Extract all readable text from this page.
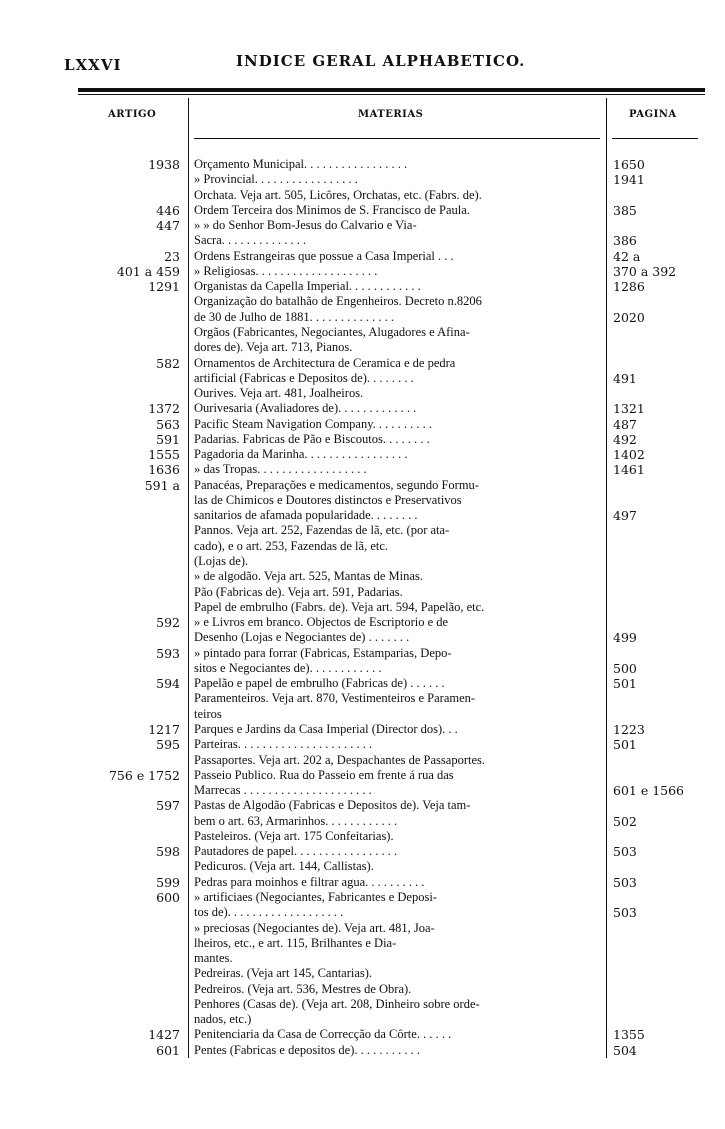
LXXVI	INDICE GERAL ALPHABETICO.
ARTIGO	MATERIAS	PAGINA
1938 Orçamento Municipal. . . . . . . . . . . . . . . . .	1650
» Provincial. . . . . . . . . . . . . . . . .	1941
Orchata. Veja art. 505, Licôres, Orchatas, etc. (Fabrs. de).
446 Ordem Terceira dos Minimos de S. Francisco de Paula.	385
447 » » do Senhor Bom-Jesus do Calvario e Via-
Sacra. . . . . . . . . . . . . .	386
23 Ordens Estrangeiras que possue a Casa Imperial . . .	42 a
401 a 459 » Religiosas. . . . . . . . . . . . . . . . . . . .	370 a 392
1291 Organistas da Capella Imperial. . . . . . . . . . . .	1286
Organização do batalhão de Engenheiros. Decreto n.8206
de 30 de Julho de 1881. . . . . . . . . . . . . .	2020
Orgãos (Fabricantes, Negociantes, Alugadores e Afina-
dores de). Veja art. 713, Pianos.
582 Ornamentos de Architectura de Ceramica e de pedra
artificial (Fabricas e Depositos de). . . . . . . .	491
Ourives. Veja art. 481, Joalheiros.
1372 Ourivesaria (Avaliadores de). . . . . . . . . . . . .	1321
563 Pacific Steam Navigation Company. . . . . . . . . .	487
591 Padarias. Fabricas de Pão e Biscoutos. . . . . . . .	492
1555 Pagadoria da Marinha. . . . . . . . . . . . . . . . .	1402
1636 » das Tropas. . . . . . . . . . . . . . . . . .	1461
591 a Panacéas, Preparações e medicamentos, segundo Formu-
las de Chimicos e Doutores distinctos e Preservativos
sanitarios de afamada popularidade. . . . . . . .	497
Pannos. Veja art. 252, Fazendas de lã, etc. (por ata-
cado), e o art. 253, Fazendas de lã, etc.
(Lojas de).
» de algodão. Veja art. 525, Mantas de Minas.
Pão (Fabricas de). Veja art. 591, Padarias.
Papel de embrulho (Fabrs. de). Veja art. 594, Papelão, etc.
592 » e Livros em branco. Objectos de Escriptorio e de
Desenho (Lojas e Negociantes de) . . . . . . .	499
593 » pintado para forrar (Fabricas, Estamparias, Depo-
sitos e Negociantes de). . . . . . . . . . . .	500
594 Papelão e papel de embrulho (Fabricas de) . . . . . .	501
Paramenteiros. Veja art. 870, Vestimenteiros e Paramen-
teiros
1217 Parques e Jardins da Casa Imperial (Director dos). . .	1223
595 Parteiras. . . . . . . . . . . . . . . . . . . . . .	501
Passaportes. Veja art. 202 a, Despachantes de Passaportes.
756 e 1752 Passeio Publico. Rua do Passeio em frente á rua das
Marrecas . . . . . . . . . . . . . . . . . . . . .	601 e 1566
597 Pastas de Algodão (Fabricas e Depositos de). Veja tam-
bem o art. 63, Armarinhos. . . . . . . . . . . .	502
Pasteleiros. (Veja art. 175 Confeitarias).
598 Pautadores de papel. . . . . . . . . . . . . . . . .	503
Pedicuros. (Veja art. 144, Callistas).
599 Pedras para moinhos e filtrar agua. . . . . . . . . .	503
600 » artificiaes (Negociantes, Fabricantes e Deposi-
tos de). . . . . . . . . . . . . . . . . . .	503
» preciosas (Negociantes de). Veja art. 481, Joa-
lheiros, etc., e art. 115, Brilhantes e Dia-
mantes.
Pedreiras. (Veja art 145, Cantarias).
Pedreiros. (Veja art. 536, Mestres de Obra).
Penhores (Casas de). (Veja art. 208, Dinheiro sobre orde-
nados, etc.)
1427 Penitenciaria da Casa de Correcção da Côrte. . . . . .	1355
601 Pentes (Fabricas e depositos de). . . . . . . . . . .	504
